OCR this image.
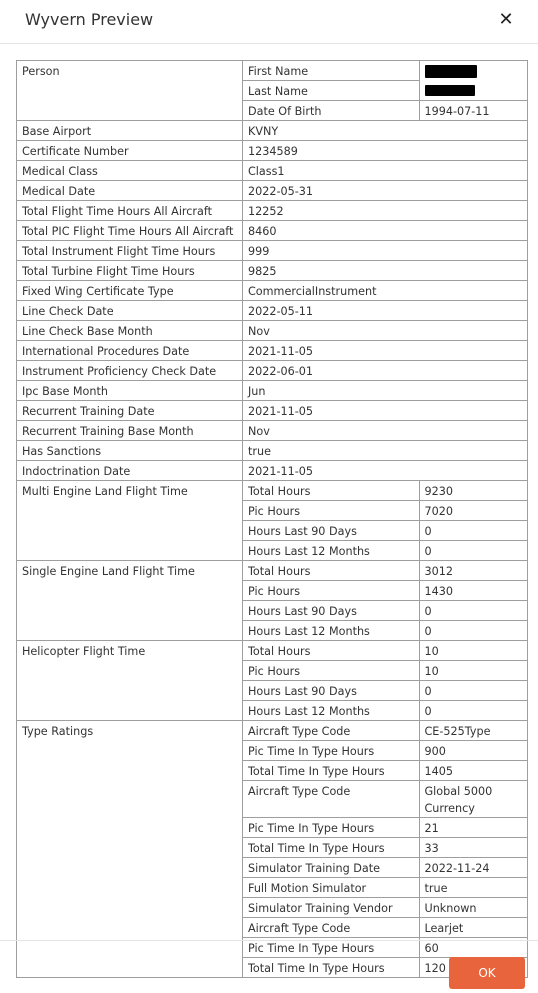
Wyvern Preview	✕
Person		First Name	
Last Name	
Date Of Birth	1994-07-11

Base Airport	KVNY
Certificate Number	1234589
Medical Class	Class1
Medical Date	2022-05-31
Total Flight Time Hours All Aircraft	12252
Total PIC Flight Time Hours All Aircraft	8460
Total Instrument Flight Time Hours	999
Total Turbine Flight Time Hours	9825
Fixed Wing Certificate Type	CommercialInstrument
Line Check Date	2022-05-11
Line Check Base Month	Nov
International Procedures Date	2021-11-05
Instrument Proficiency Check Date	2022-06-01
Ipc Base Month	Jun
Recurrent Training Date	2021-11-05
Recurrent Training Base Month	Nov
Has Sanctions	true
Indoctrination Date	2021-11-05
Multi Engine Land Flight Time		Total Hours	9230
Pic Hours	7020
Hours Last 90 Days	0
Hours Last 12 Months	0

Single Engine Land Flight Time		Total Hours	3012
Pic Hours	1430
Hours Last 90 Days	0
Hours Last 12 Months	0

Helicopter Flight Time		Total Hours	10
Pic Hours	10
Hours Last 90 Days	0
Hours Last 12 Months	0

Type Ratings		Aircraft Type Code	CE-525Type
Pic Time In Type Hours	900
Total Time In Type Hours	1405
Aircraft Type Code	Global 5000 Currency
Pic Time In Type Hours	21
Total Time In Type Hours	33
Simulator Training Date	2022-11-24
Full Motion Simulator	true
Simulator Training Vendor	Unknown
Aircraft Type Code	Learjet
Pic Time In Type Hours	60
Total Time In Type Hours	120	OK
